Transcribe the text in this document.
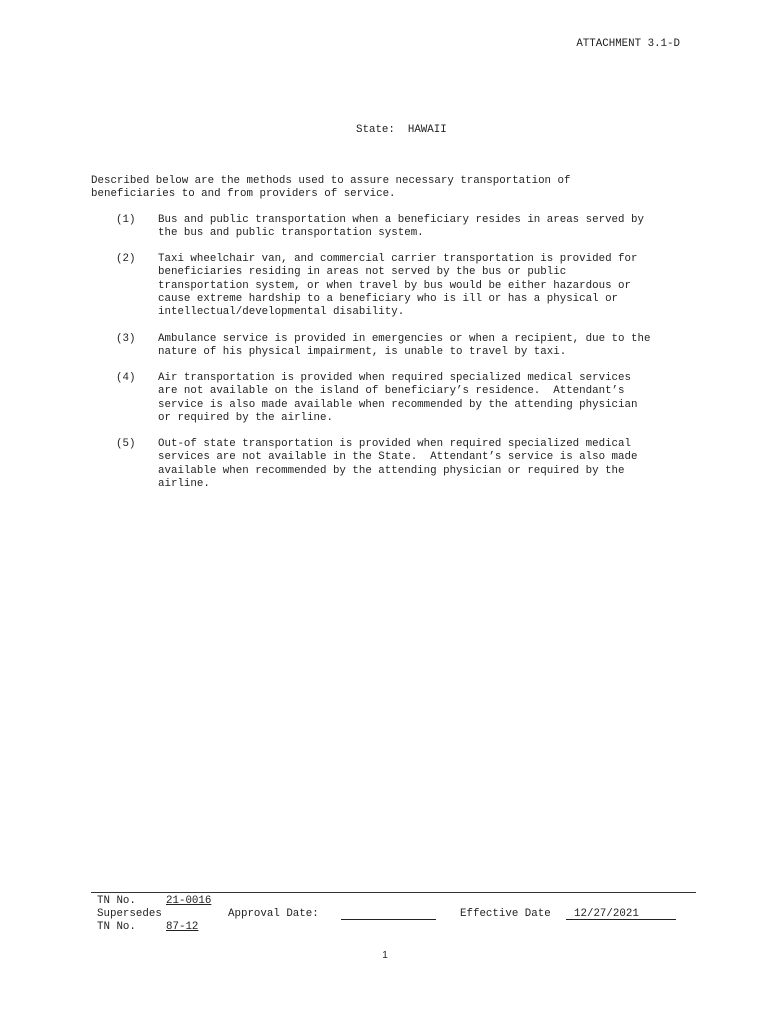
ATTACHMENT 3.1-D
State:  HAWAII
Described below are the methods used to assure necessary transportation of
beneficiaries to and from providers of service.
(1) Bus and public transportation when a beneficiary resides in areas served by
the bus and public transportation system.
(2) Taxi wheelchair van, and commercial carrier transportation is provided for
beneficiaries residing in areas not served by the bus or public
transportation system, or when travel by bus would be either hazardous or
cause extreme hardship to a beneficiary who is ill or has a physical or
intellectual/developmental disability.
(3) Ambulance service is provided in emergencies or when a recipient, due to the
nature of his physical impairment, is unable to travel by taxi.
(4) Air transportation is provided when required specialized medical services
are not available on the island of beneficiary’s residence.  Attendant’s
service is also made available when recommended by the attending physician
or required by the airline.
(5) Out-of state transportation is provided when required specialized medical
services are not available in the State.  Attendant’s service is also made
available when recommended by the attending physician or required by the
airline.
TN No.	21-0016
Supersedes	Approval Date:	Effective Date 12/27/2021
TN No.	87-12
1
